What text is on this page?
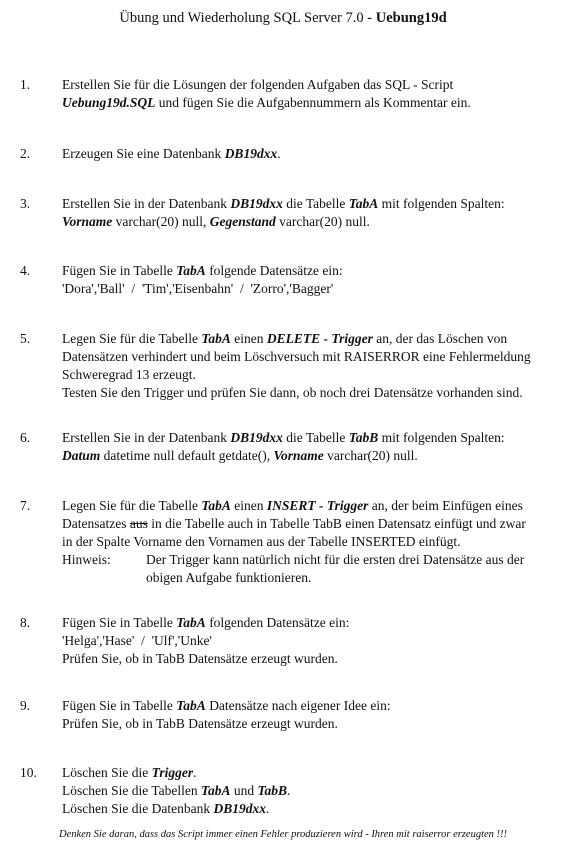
Übung und Wiederholung SQL Server 7.0 - Uebung19d
1.	Erstellen Sie für die Lösungen der folgenden Aufgaben das SQL - Script
Uebung19d.SQL und fügen Sie die Aufgabennummern als Kommentar ein.
2.	Erzeugen Sie eine Datenbank DB19dxx.
3.	Erstellen Sie in der Datenbank DB19dxx die Tabelle TabA mit folgenden Spalten:
Vorname varchar(20) null, Gegenstand varchar(20) null.
4.	Fügen Sie in Tabelle TabA folgende Datensätze ein:
'Dora','Ball'  /  'Tim','Eisenbahn'  /  'Zorro','Bagger'
5.	Legen Sie für die Tabelle TabA einen DELETE - Trigger an, der das Löschen von
Datensätzen verhindert und beim Löschversuch mit RAISERROR eine Fehlermeldung
Schweregrad 13 erzeugt.
Testen Sie den Trigger und prüfen Sie dann, ob noch drei Datensätze vorhanden sind.
6.	Erstellen Sie in der Datenbank DB19dxx die Tabelle TabB mit folgenden Spalten:
Datum datetime null default getdate(), Vorname varchar(20) null.
7.	Legen Sie für die Tabelle TabA einen INSERT - Trigger an, der beim Einfügen eines
Datensatzes aus in die Tabelle auch in Tabelle TabB einen Datensatz einfügt und zwar
in der Spalte Vorname den Vornamen aus der Tabelle INSERTED einfügt.
Hinweis:	Der Trigger kann natürlich nicht für die ersten drei Datensätze aus der obigen Aufgabe funktionieren.
8.	Fügen Sie in Tabelle TabA folgenden Datensätze ein:
'Helga','Hase'  /  'Ulf','Unke'
Prüfen Sie, ob in TabB Datensätze erzeugt wurden.
9.	Fügen Sie in Tabelle TabA Datensätze nach eigener Idee ein:
Prüfen Sie, ob in TabB Datensätze erzeugt wurden.
10.	Löschen Sie die Trigger.
Löschen Sie die Tabellen TabA und TabB.
Löschen Sie die Datenbank DB19dxx.
Denken Sie daran, dass das Script immer einen Fehler produzieren wird - Ihren mit raiserror erzeugten !!!
